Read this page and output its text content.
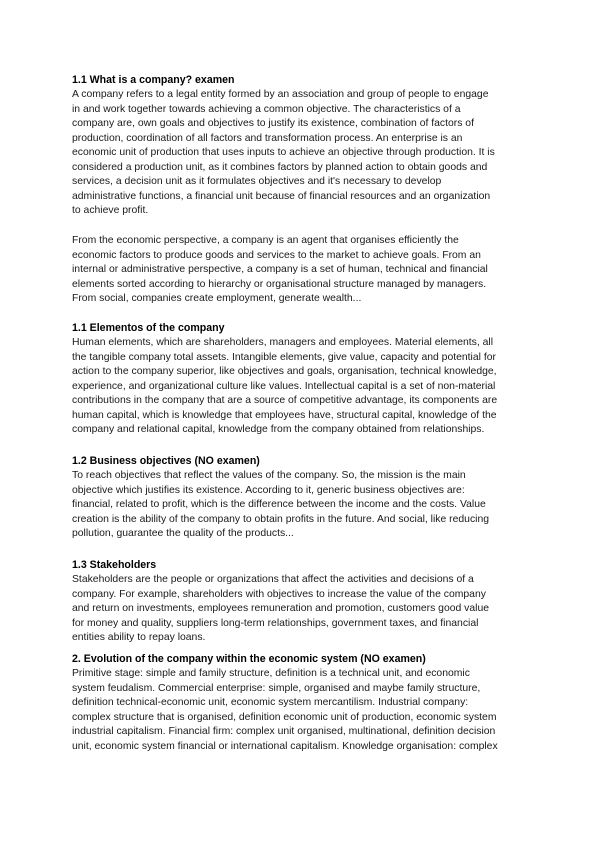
1.1 What is a company? examen
A company refers to a legal entity formed by an association and group of people to engage
in and work together towards achieving a common objective. The characteristics of a
company are, own goals and objectives to justify its existence, combination of factors of
production, coordination of all factors and transformation process. An enterprise is an
economic unit of production that uses inputs to achieve an objective through production. It is
considered a production unit, as it combines factors by planned action to obtain goods and
services, a decision unit as it formulates objectives and it's necessary to develop
administrative functions, a financial unit because of financial resources and an organization
to achieve profit.
From the economic perspective, a company is an agent that organises efficiently the
economic factors to produce goods and services to the market to achieve goals. From an
internal or administrative perspective, a company is a set of human, technical and financial
elements sorted according to hierarchy or organisational structure managed by managers.
From social, companies create employment, generate wealth...
1.1 Elementos of the company
Human elements, which are shareholders, managers and employees. Material elements, all
the tangible company total assets. Intangible elements, give value, capacity and potential for
action to the company superior, like objectives and goals, organisation, technical knowledge,
experience, and organizational culture like values. Intellectual capital is a set of non-material
contributions in the company that are a source of competitive advantage, its components are
human capital, which is knowledge that employees have, structural capital, knowledge of the
company and relational capital, knowledge from the company obtained from relationships.
1.2 Business objectives (NO examen)
To reach objectives that reflect the values of the company. So, the mission is the main
objective which justifies its existence. According to it, generic business objectives are:
financial, related to profit, which is the difference between the income and the costs. Value
creation is the ability of the company to obtain profits in the future. And social, like reducing
pollution, guarantee the quality of the products...
1.3 Stakeholders
Stakeholders are the people or organizations that affect the activities and decisions of a
company. For example, shareholders with objectives to increase the value of the company
and return on investments, employees remuneration and promotion, customers good value
for money and quality, suppliers long-term relationships, government taxes, and financial
entities ability to repay loans.
2. Evolution of the company within the economic system (NO examen)
Primitive stage: simple and family structure, definition is a technical unit, and economic
system feudalism. Commercial enterprise: simple, organised and maybe family structure,
definition technical-economic unit, economic system mercantilism. Industrial company:
complex structure that is organised, definition economic unit of production, economic system
industrial capitalism. Financial firm: complex unit organised, multinational, definition decision
unit, economic system financial or international capitalism. Knowledge organisation: complex
